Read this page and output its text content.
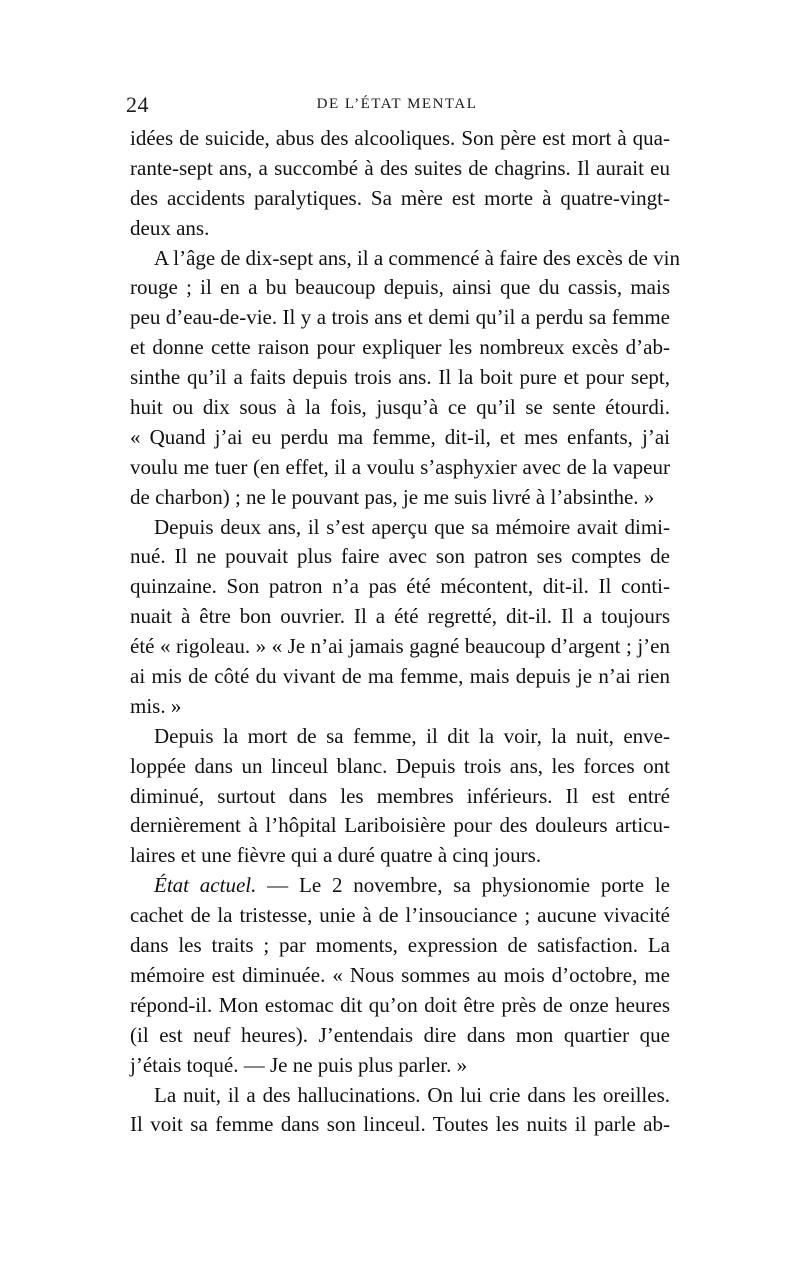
24	DE L’ÉTAT MENTAL
idées de suicide, abus des alcooliques. Son père est mort à qua-
rante-sept ans, a succombé à des suites de chagrins. Il aurait eu
des accidents paralytiques. Sa mère est morte à quatre-vingt-
deux ans.
A l’âge de dix-sept ans, il a commencé à faire des excès de vin
rouge ; il en a bu beaucoup depuis, ainsi que du cassis, mais
peu d’eau-de-vie. Il y a trois ans et demi qu’il a perdu sa femme
et donne cette raison pour expliquer les nombreux excès d’ab-
sinthe qu’il a faits depuis trois ans. Il la boit pure et pour sept,
huit ou dix sous à la fois, jusqu’à ce qu’il se sente étourdi.
« Quand j’ai eu perdu ma femme, dit-il, et mes enfants, j’ai
voulu me tuer (en effet, il a voulu s’asphyxier avec de la vapeur
de charbon) ; ne le pouvant pas, je me suis livré à l’absinthe. »
Depuis deux ans, il s’est aperçu que sa mémoire avait dimi-
nué. Il ne pouvait plus faire avec son patron ses comptes de
quinzaine. Son patron n’a pas été mécontent, dit-il. Il conti-
nuait à être bon ouvrier. Il a été regretté, dit-il. Il a toujours
été « rigoleau. » « Je n’ai jamais gagné beaucoup d’argent ; j’en
ai mis de côté du vivant de ma femme, mais depuis je n’ai rien
mis. »
Depuis la mort de sa femme, il dit la voir, la nuit, enve-
loppée dans un linceul blanc. Depuis trois ans, les forces ont
diminué, surtout dans les membres inférieurs. Il est entré
dernièrement à l’hôpital Lariboisière pour des douleurs articu-
laires et une fièvre qui a duré quatre à cinq jours.
État actuel. — Le 2 novembre, sa physionomie porte le
cachet de la tristesse, unie à de l’insouciance ; aucune vivacité
dans les traits ; par moments, expression de satisfaction. La
mémoire est diminuée. « Nous sommes au mois d’octobre, me
répond-il. Mon estomac dit qu’on doit être près de onze heures
(il est neuf heures). J’entendais dire dans mon quartier que
j’étais toqué. — Je ne puis plus parler. »
La nuit, il a des hallucinations. On lui crie dans les oreilles.
Il voit sa femme dans son linceul. Toutes les nuits il parle ab-
